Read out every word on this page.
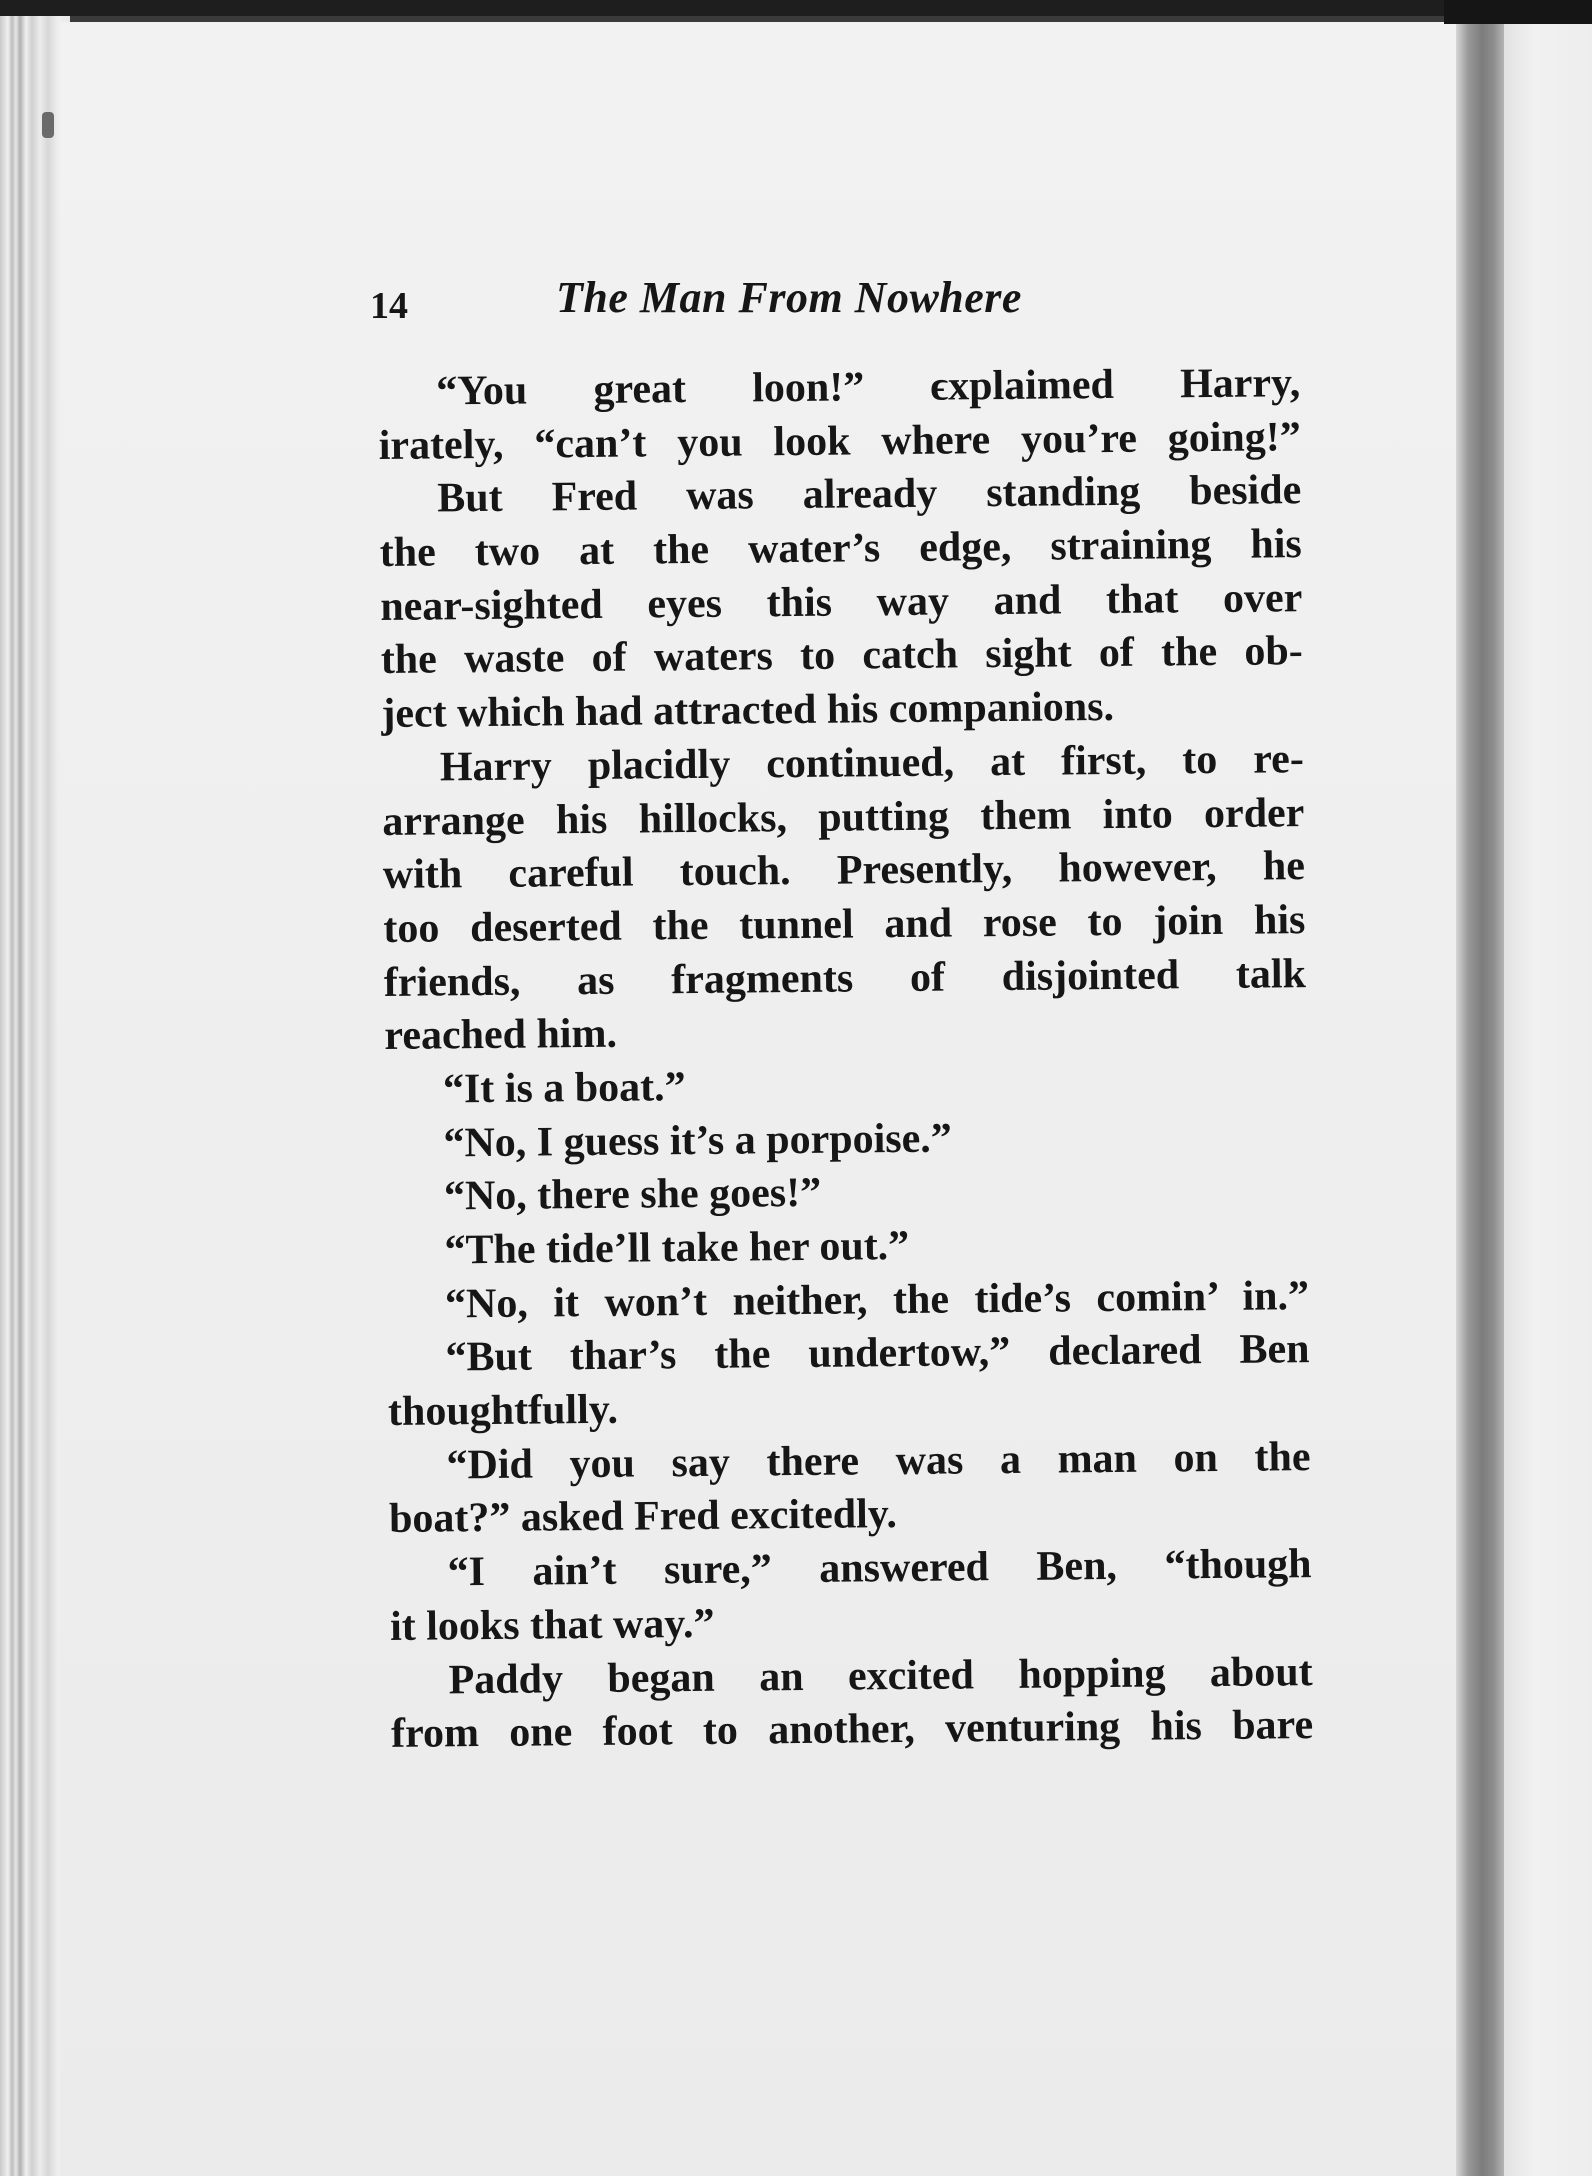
14	The Man From Nowhere
“You great loon!” ϵxplaimed Harry,
irately, “can’t you look where you’re going!”
But Fred was already standing beside
the two at the water’s edge, straining his
near-sighted eyes this way and that over
the waste of waters to catch sight of the ob-
ject which had attracted his companions.
Harry placidly continued, at first, to re-
arrange his hillocks, putting them into order
with careful touch. Presently, however, he
too deserted the tunnel and rose to join his
friends, as fragments of disjointed talk
reached him.
“It is a boat.”
“No, I guess it’s a porpoise.”
“No, there she goes!”
“The tide’ll take her out.”
“No, it won’t neither, the tide’s comin’ in.”
“But thar’s the undertow,” declared Ben
thoughtfully.
“Did you say there was a man on the
boat?” asked Fred excitedly.
“I ain’t sure,” answered Ben, “though
it looks that way.”
Paddy began an excited hopping about
from one foot to another, venturing his bare
